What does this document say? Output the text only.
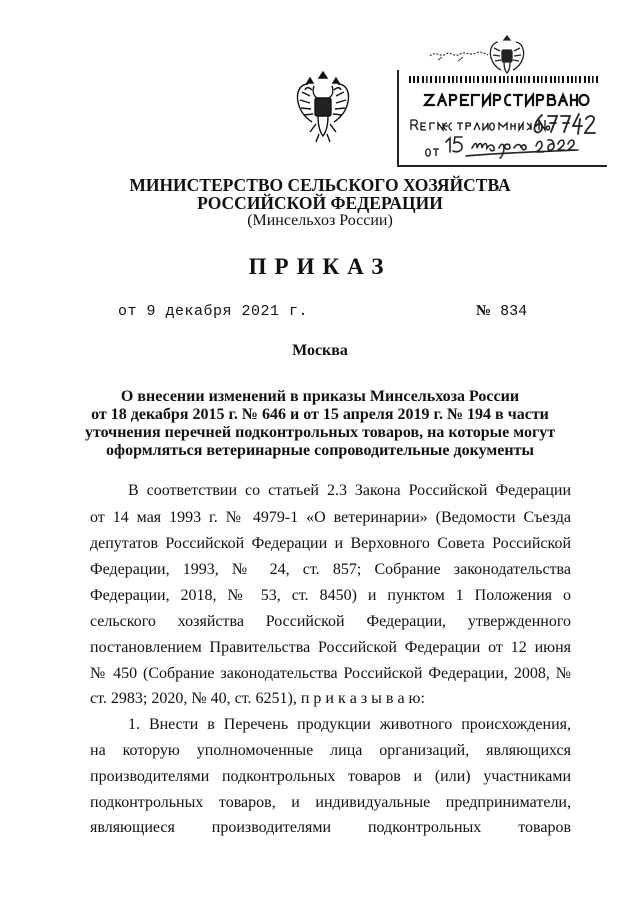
МИНИСТЕРСТВО СЕЛЬСКОГО ХОЗЯЙСТВА
РОССИЙСКОЙ ФЕДЕРАЦИИ
(Минсельхоз России)
ПРИКАЗ
от 9 декабря 2021 г.	№ 834
Москва
О внесении изменений в приказы Минсельхоза России
от 18 декабря 2015 г. № 646 и от 15 апреля 2019 г. № 194 в части
уточнения перечней подконтрольных товаров, на которые могут
оформляться ветеринарные сопроводительные документы
В соответствии со статьей 2.3 Закона Российской Федерации
от 14 мая 1993 г. № 4979-1 «О ветеринарии» (Ведомости Съезда
депутатов Российской Федерации и Верховного Совета Российской
Федерации, 1993, № 24, ст. 857; Собрание законодательства
Федерации, 2018, № 53, ст. 8450) и пунктом 1 Положения о
сельского хозяйства Российской Федерации, утвержденного
постановлением Правительства Российской Федерации от 12 июня
№ 450 (Собрание законодательства Российской Федерации, 2008, №
ст. 2983; 2020, № 40, ст. 6251), п р и к а з ы в а ю:
1. Внести в Перечень продукции животного происхождения,
на которую уполномоченные лица организаций, являющихся
производителями подконтрольных товаров и (или) участниками
подконтрольных товаров, и индивидуальные предприниматели,
являющиеся производителями подконтрольных товаров
